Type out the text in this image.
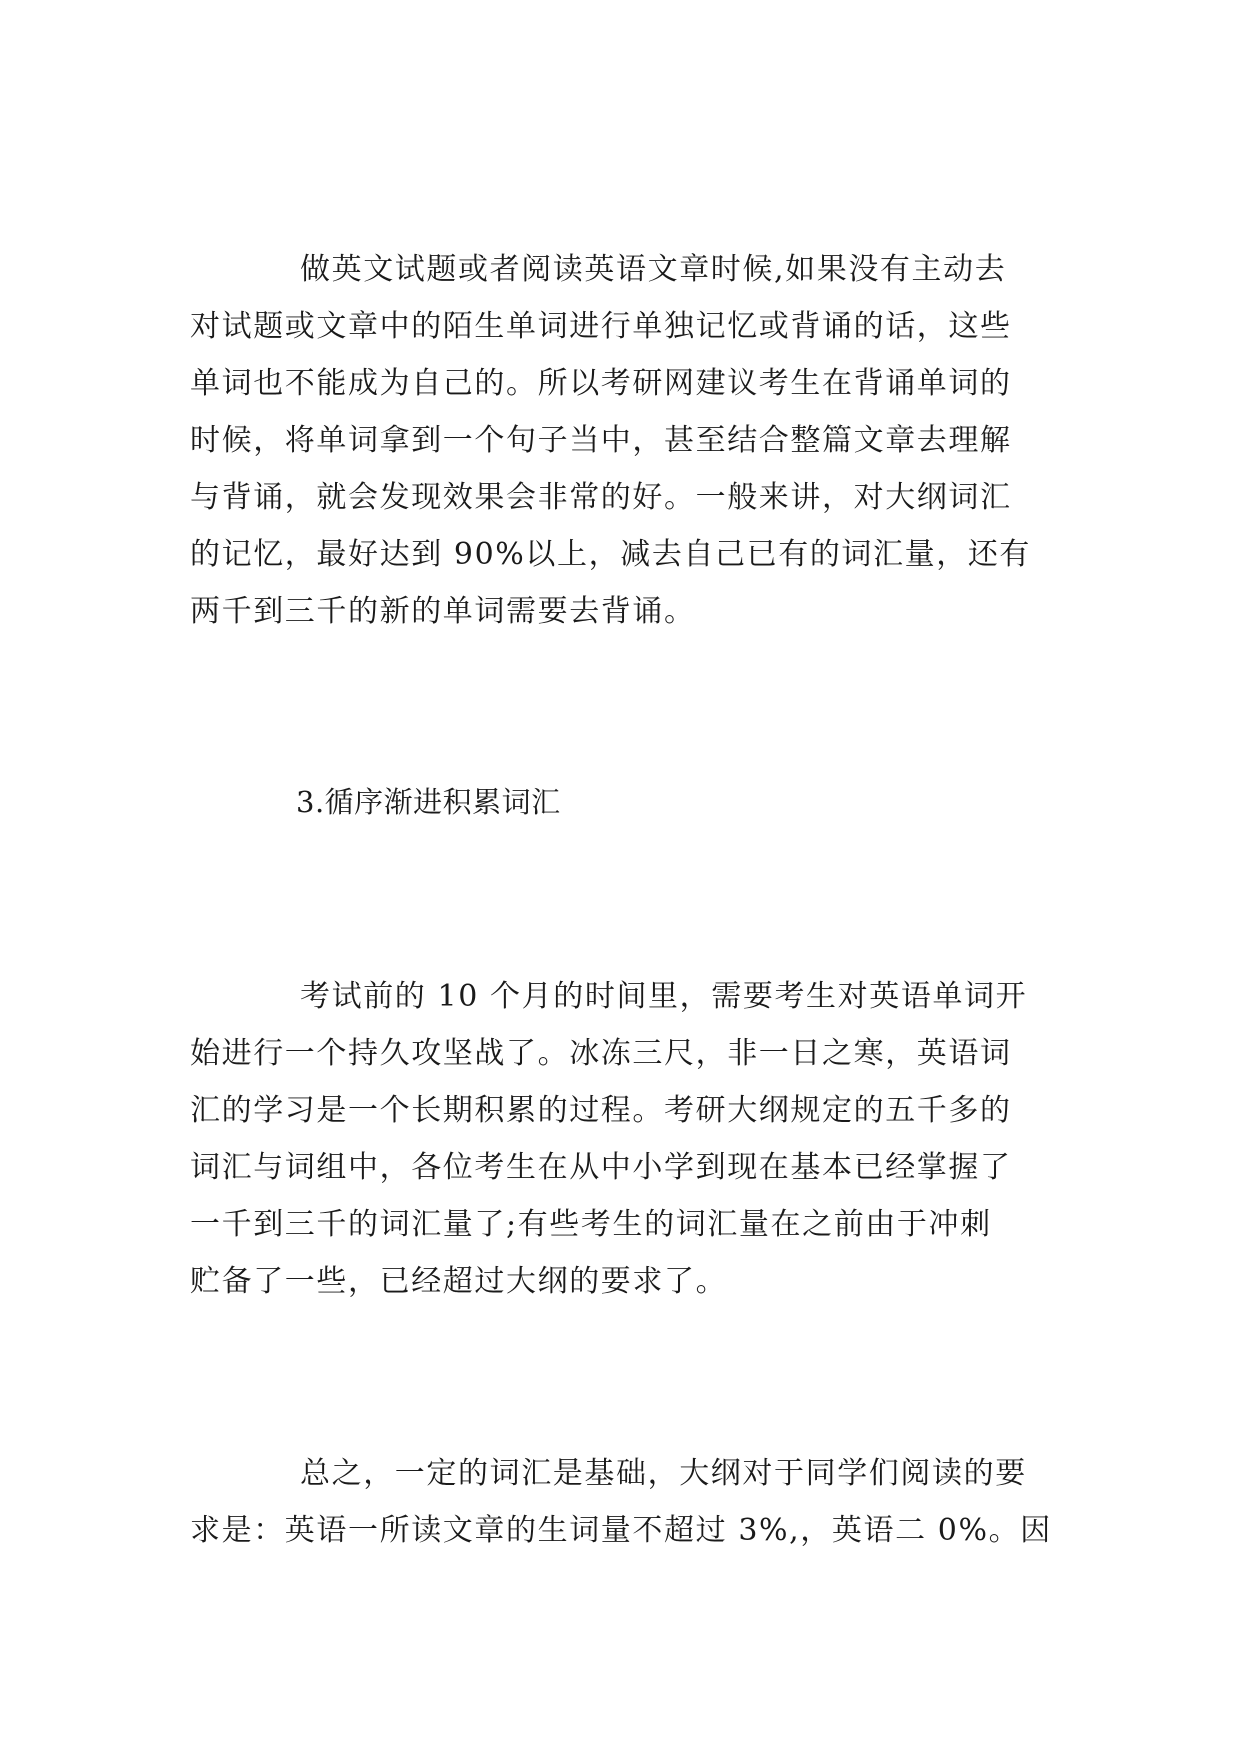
做英文试题或者阅读英语文章时候,如果没有主动去
对试题或文章中的陌生单词进行单独记忆或背诵的话，这些
单词也不能成为自己的。所以考研网建议考生在背诵单词的
时候，将单词拿到一个句子当中，甚至结合整篇文章去理解
与背诵，就会发现效果会非常的好。一般来讲，对大纲词汇
的记忆，最好达到 90%以上，减去自己已有的词汇量，还有
两千到三千的新的单词需要去背诵。
3.循序渐进积累词汇
考试前的 10 个月的时间里，需要考生对英语单词开
始进行一个持久攻坚战了。冰冻三尺，非一日之寒，英语词
汇的学习是一个长期积累的过程。考研大纲规定的五千多的
词汇与词组中，各位考生在从中小学到现在基本已经掌握了
一千到三千的词汇量了;有些考生的词汇量在之前由于冲刺
贮备了一些，已经超过大纲的要求了。
总之，一定的词汇是基础，大纲对于同学们阅读的要
求是：英语一所读文章的生词量不超过 3%,，英语二 0%。因
